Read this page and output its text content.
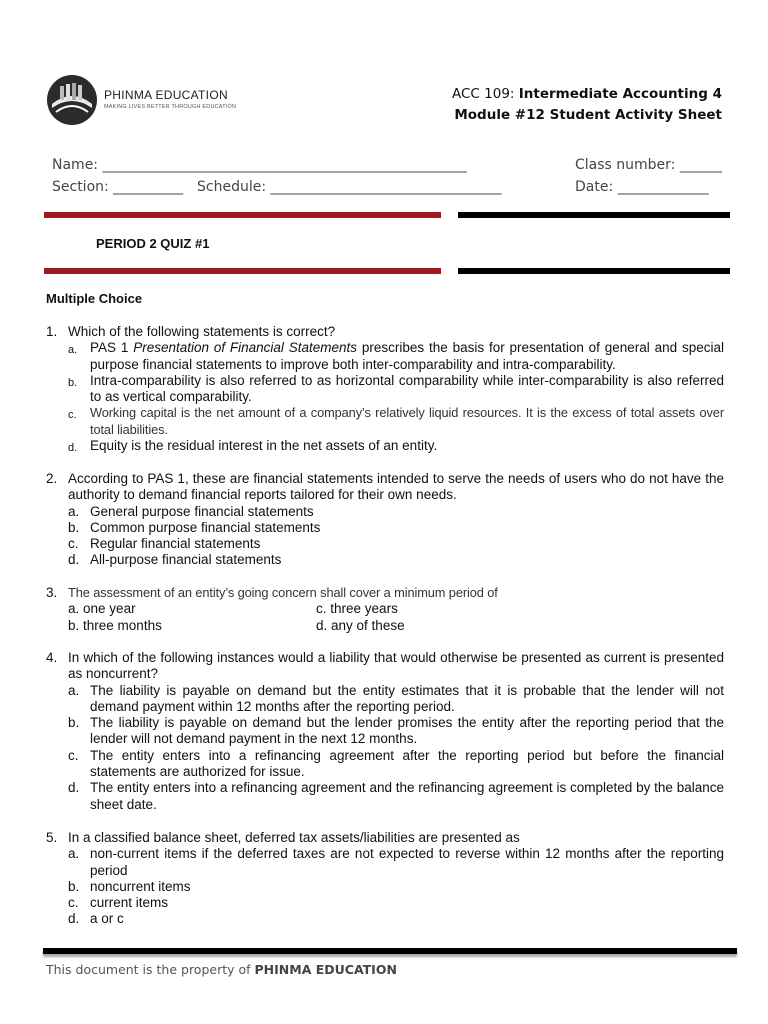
PHINMA EDUCATION
MAKING LIVES BETTER THROUGH EDUCATION
ACC 109: Intermediate Accounting 4
Module #12 Student Activity Sheet
Name: ____________________________________________________	Class number: ______
Section: __________ Schedule: _________________________________	Date: _____________
PERIOD 2 QUIZ #1
Multiple Choice
1. Which of the following statements is correct?
a. PAS 1 Presentation of Financial Statements prescribes the basis for presentation of general and special purpose financial statements to improve both inter-comparability and intra-comparability.
b. Intra-comparability is also referred to as horizontal comparability while inter-comparability is also referred to as vertical comparability.
c. Working capital is the net amount of a company’s relatively liquid resources. It is the excess of total assets over total liabilities.
d. Equity is the residual interest in the net assets of an entity.
2. According to PAS 1, these are financial statements intended to serve the needs of users who do not have the authority to demand financial reports tailored for their own needs.
a. General purpose financial statements
b. Common purpose financial statements
c. Regular financial statements
d. All-purpose financial statements
3. The assessment of an entity’s going concern shall cover a minimum period of
a. one year	c. three years
b. three months	d. any of these
4. In which of the following instances would a liability that would otherwise be presented as current is presented as noncurrent?
a. The liability is payable on demand but the entity estimates that it is probable that the lender will not demand payment within 12 months after the reporting period.
b. The liability is payable on demand but the lender promises the entity after the reporting period that the lender will not demand payment in the next 12 months.
c. The entity enters into a refinancing agreement after the reporting period but before the financial statements are authorized for issue.
d. The entity enters into a refinancing agreement and the refinancing agreement is completed by the balance sheet date.
5. In a classified balance sheet, deferred tax assets/liabilities are presented as
a. non-current items if the deferred taxes are not expected to reverse within 12 months after the reporting period
b. noncurrent items
c. current items
d. a or c
This document is the property of PHINMA EDUCATION
